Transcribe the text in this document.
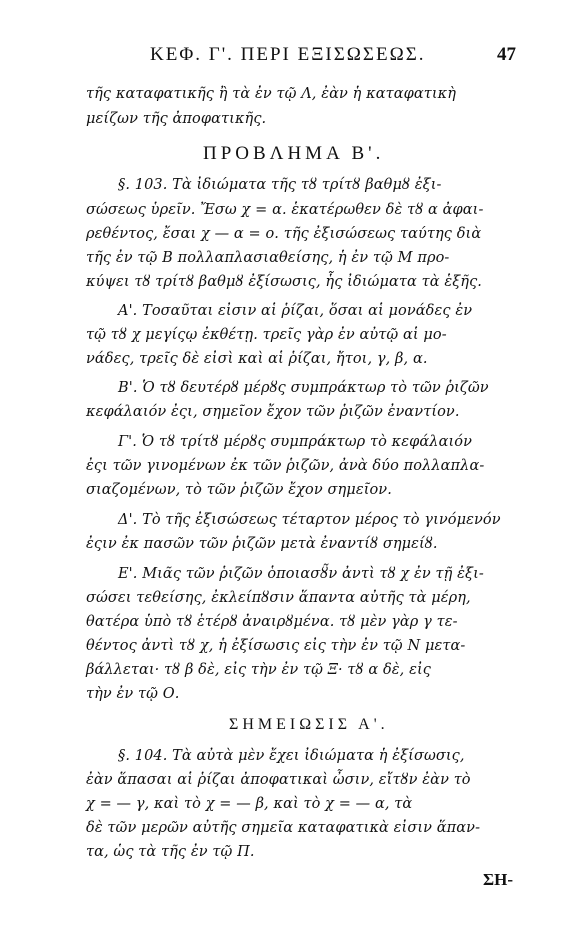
ΚΕΦ. Γ'. ΠΕΡΙ ΕΞΙΣΩΣΕΩΣ.	47
τῆς καταφατικῆς ἢ τὰ ἐν τῷ Λ, ἐὰν ἡ καταφατικὴ
μείζων τῆς ἀποφατικῆς.
ΠΡΟΒΛΗΜΑ Β'.
§. 103. Τὰ ἰδιώματα τῆς τȣ τρίτȣ βαθμȣ ἐξι-
σώσεως ὑρεῖν. Ἔσω χ = α. ἑκατέρωθεν δὲ τȣ α ἀφαι-
ρεθέντος, ἔσαι χ — α = ο. τῆς ἐξισώσεως ταύτης διὰ
τῆς ἐν τῷ Β πολλαπλασιαθείσης, ἡ ἐν τῷ Μ προ-
κύψει τȣ τρίτȣ βαθμȣ ἐξίσωσις, ἧς ἰδιώματα τὰ ἑξῆς.
Α'. Τοσαῦται εἰσιν αἱ ῥίζαι, ὅσαι αἱ μονάδες ἐν
τῷ τȣ χ μεγίςῳ ἐκθέτῃ. τρεῖς γὰρ ἐν αὐτῷ αἱ μο-
νάδες, τρεῖς δὲ εἰσὶ καὶ αἱ ῥίζαι, ἤτοι, γ, β, α.
Β'. Ὁ τȣ δευτέρȣ μέρȣς συμπράκτωρ τὸ τῶν ῥιζῶν
κεφάλαιόν ἐςι, σημεῖον ἔχον τῶν ῥιζῶν ἐναντίον.
Γ'. Ὁ τȣ τρίτȣ μέρȣς συμπράκτωρ τὸ κεφάλαιόν
ἐςι τῶν γινομένων ἐκ τῶν ῥιζῶν, ἀνὰ δύο πολλαπλα-
σιαζομένων, τὸ τῶν ῥιζῶν ἔχον σημεῖον.
Δ'. Τὸ τῆς ἐξισώσεως τέταρτον μέρος τὸ γινόμενόν
ἐςιν ἐκ πασῶν τῶν ῥιζῶν μετὰ ἐναντίȣ σημείȣ.
Ε'. Μιᾶς τῶν ῥιζῶν ὁποιασȣ̃ν ἀντὶ τȣ χ ἐν τῇ ἐξι-
σώσει τεθείσης, ἐκλείπȣσιν ἅπαντα αὐτῆς τὰ μέρη,
θατέρα ὑπὸ τȣ ἑτέρȣ ἀναιρȣμένα. τȣ μὲν γὰρ γ τε-
θέντος ἀντὶ τȣ χ, ἡ ἐξίσωσις εἰς τὴν ἐν τῷ Ν μετα-
βάλλεται· τȣ β δὲ, εἰς τὴν ἐν τῷ Ξ· τȣ α δὲ, εἰς
τὴν ἐν τῷ Ο.
ΣΗΜΕΙΩΣΙΣ Α'.
§. 104. Τὰ αὐτὰ μὲν ἔχει ἰδιώματα ἡ ἐξίσωσις,
ἐὰν ἅπασαι αἱ ῥίζαι ἀποφατικαὶ ὦσιν, εἴτȣν ἐὰν τὸ
χ = — γ, καὶ τὸ χ = — β, καὶ τὸ χ = — α, τὰ
δὲ τῶν μερῶν αὐτῆς σημεῖα καταφατικὰ εἰσιν ἅπαν-
τα, ὡς τὰ τῆς ἐν τῷ Π.
ΣΗ-
